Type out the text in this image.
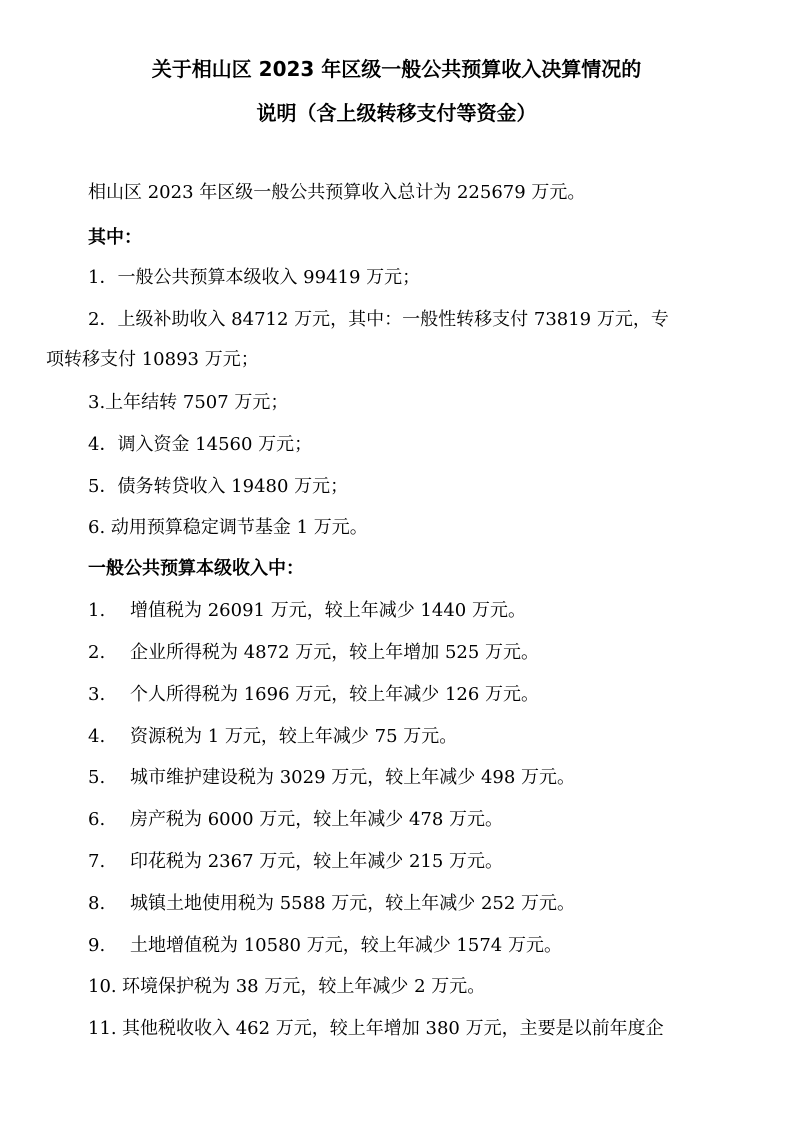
关于相山区 2023 年区级一般公共预算收入决算情况的
说明（含上级转移支付等资金）
相山区 2023 年区级一般公共预算收入总计为 225679 万元。
其中：
1．一般公共预算本级收入 99419 万元；
2．上级补助收入 84712 万元，其中：一般性转移支付 73819 万元，专
项转移支付 10893 万元；
3.上年结转 7507 万元；
4．调入资金 14560 万元；
5．债务转贷收入 19480 万元；
6. 动用预算稳定调节基金 1 万元。
一般公共预算本级收入中：
1. 增值税为 26091 万元，较上年减少 1440 万元。
2. 企业所得税为 4872 万元，较上年增加 525 万元。
3. 个人所得税为 1696 万元，较上年减少 126 万元。
4. 资源税为 1 万元，较上年减少 75 万元。
5. 城市维护建设税为 3029 万元，较上年减少 498 万元。
6. 房产税为 6000 万元，较上年减少 478 万元。
7. 印花税为 2367 万元，较上年减少 215 万元。
8. 城镇土地使用税为 5588 万元，较上年减少 252 万元。
9. 土地增值税为 10580 万元，较上年减少 1574 万元。
10. 环境保护税为 38 万元，较上年减少 2 万元。
11. 其他税收收入 462 万元，较上年增加 380 万元，主要是以前年度企
